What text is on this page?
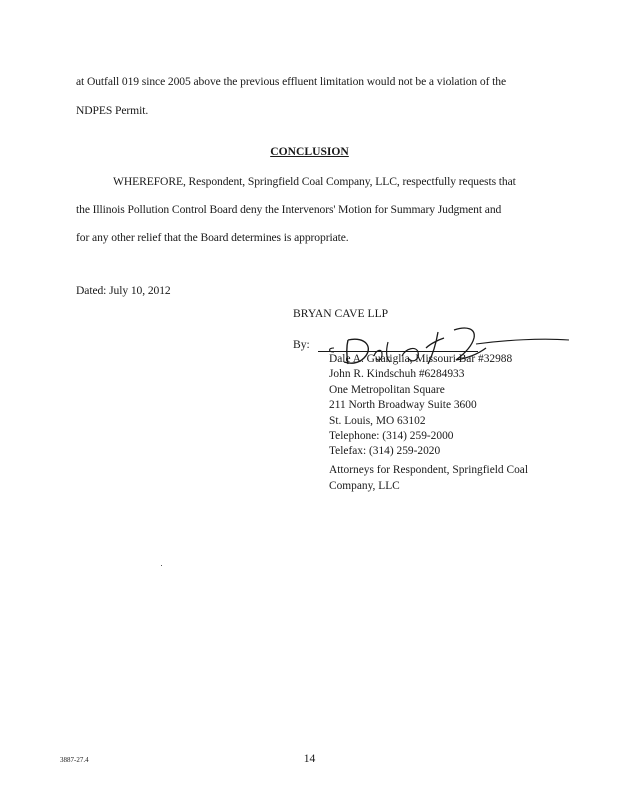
at Outfall 019 since 2005 above the previous effluent limitation would not be a violation of the
NDPES Permit.
CONCLUSION
WHEREFORE, Respondent, Springfield Coal Company, LLC, respectfully requests that
the Illinois Pollution Control Board deny the Intervenors' Motion for Summary Judgment and
for any other relief that the Board determines is appropriate.
Dated: July 10, 2012
BRYAN CAVE LLP
By:
Dale A. Guariglia, Missouri Bar #32988
John R. Kindschuh #6284933
One Metropolitan Square
211 North Broadway Suite 3600
St. Louis, MO 63102
Telephone: (314) 259-2000
Telefax: (314) 259-2020
Attorneys for Respondent, Springfield Coal
Company, LLC
3887-27.4	14
